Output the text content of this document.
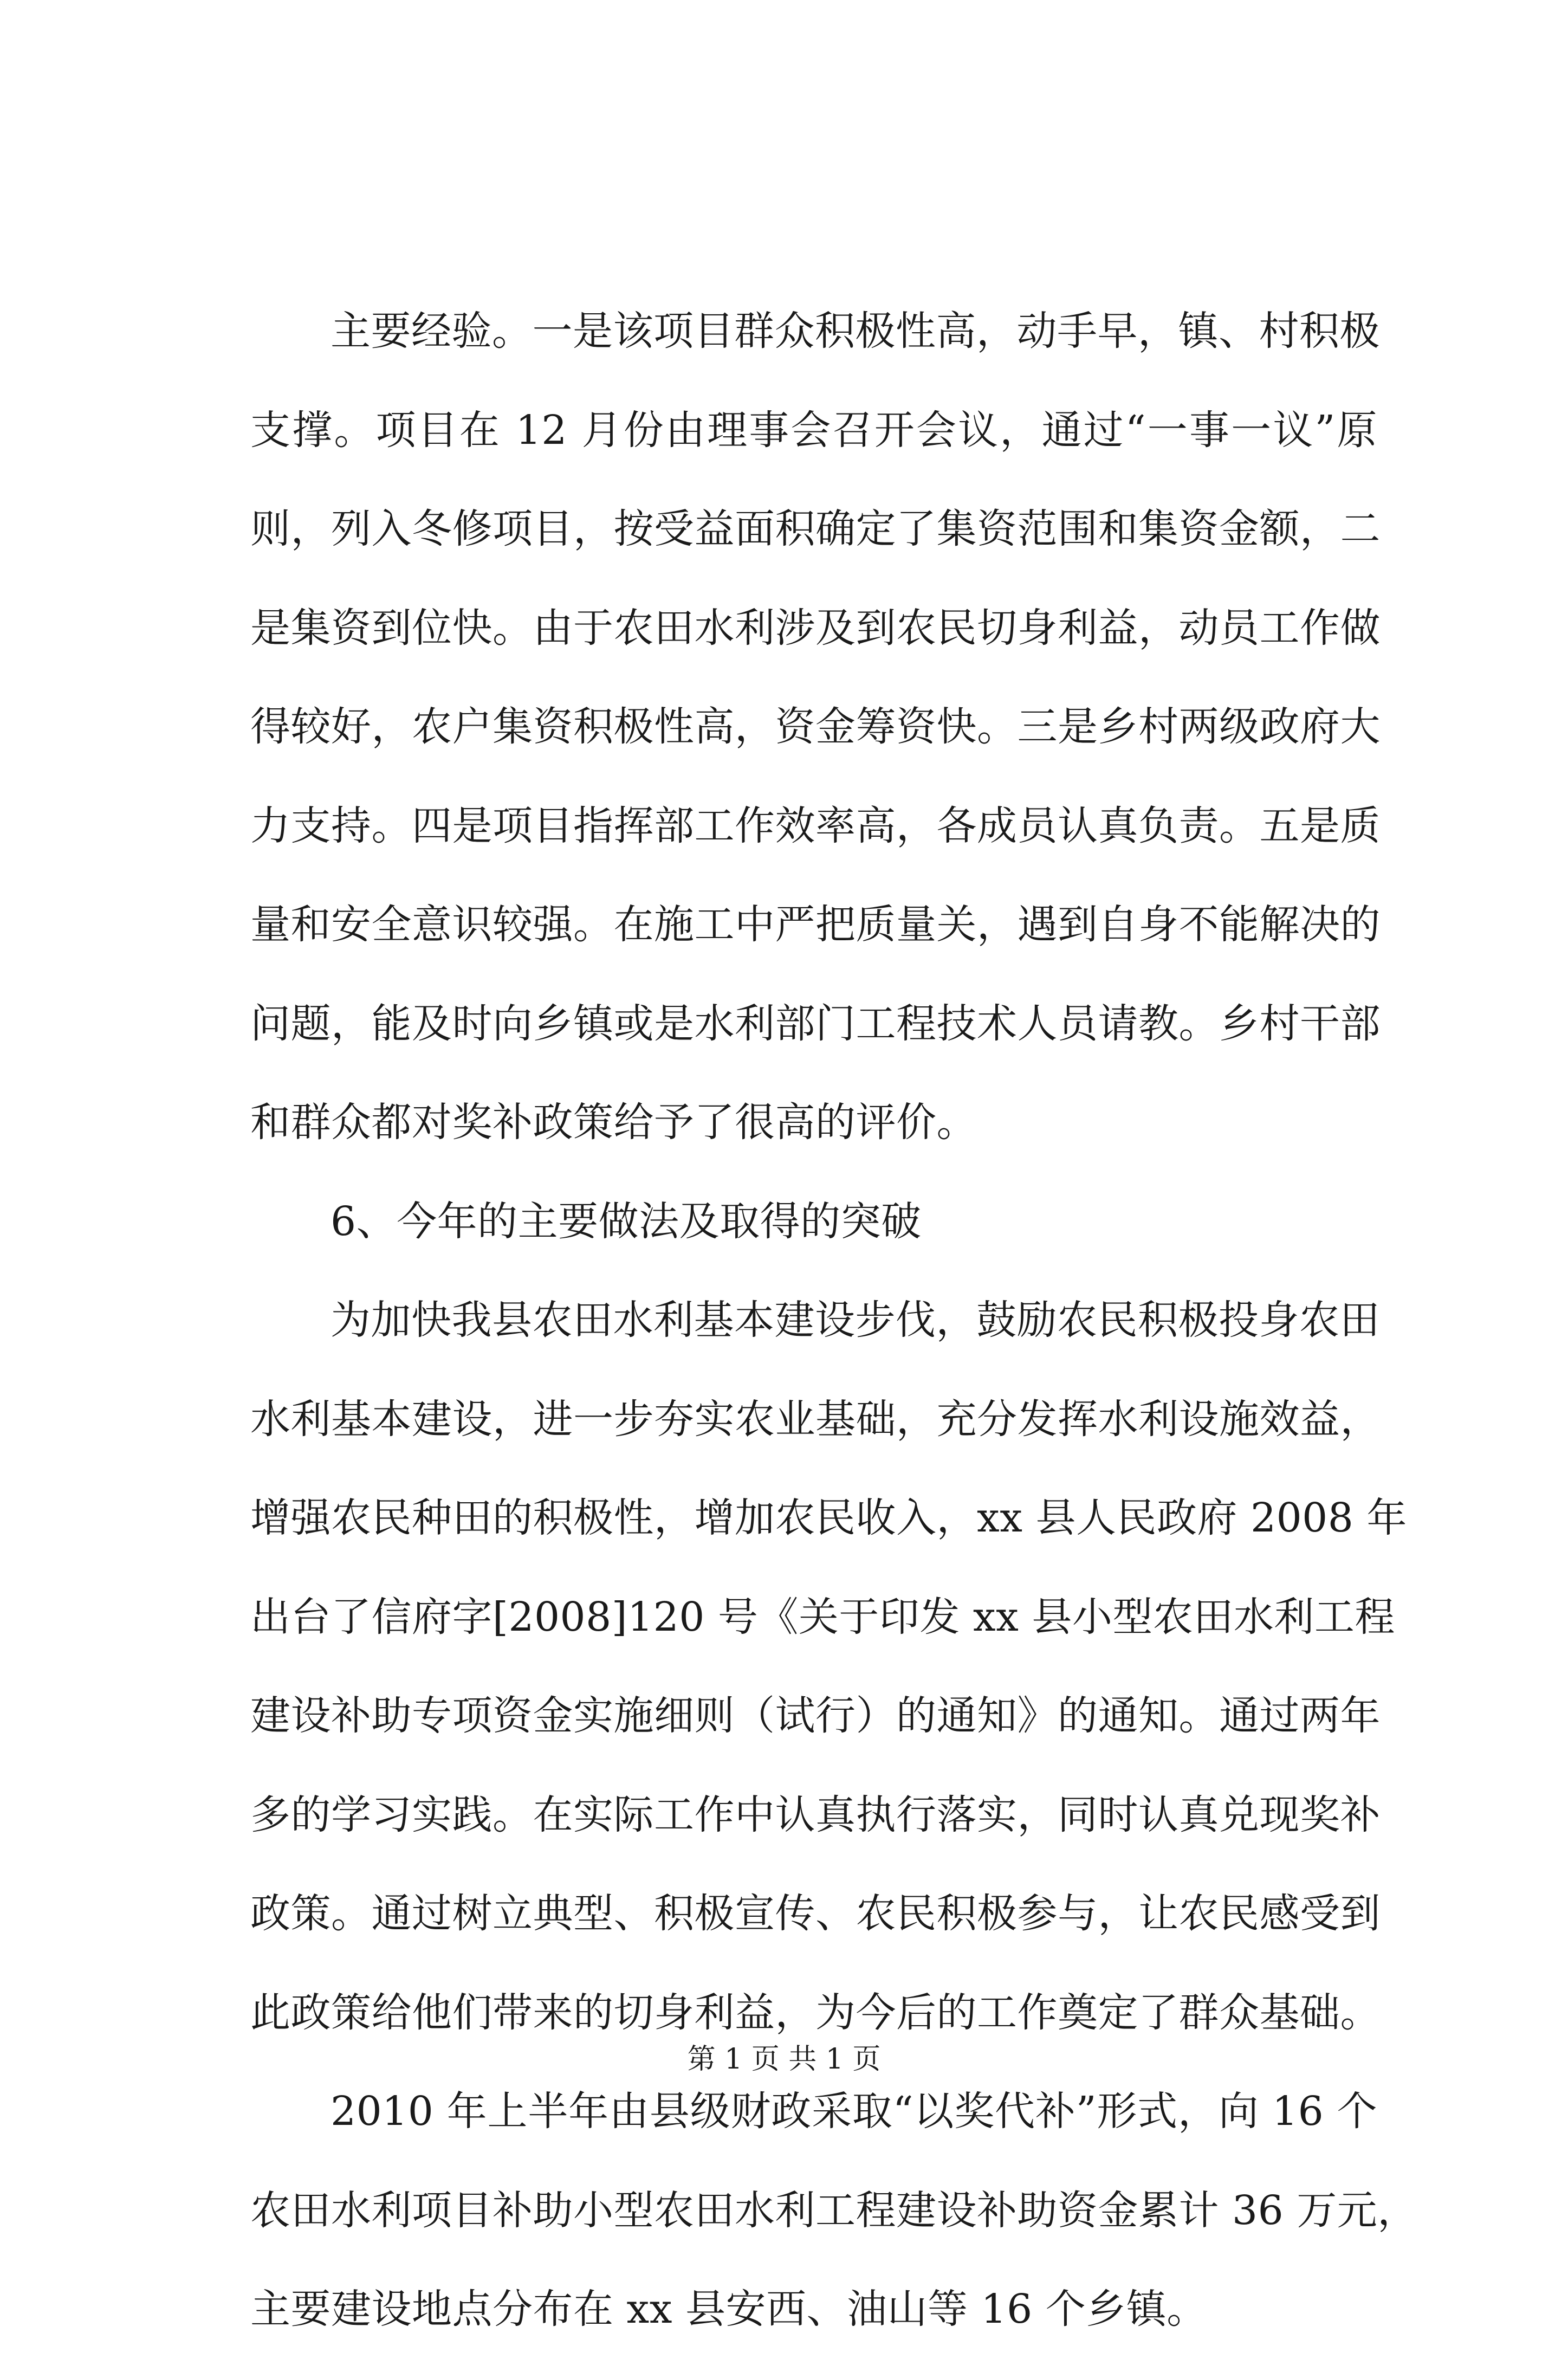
主要经验。一是该项目群众积极性高，动手早，镇、村积极
支撑。项目在 12 月份由理事会召开会议，通过“一事一议”原
则，列入冬修项目，按受益面积确定了集资范围和集资金额，二
是集资到位快。由于农田水利涉及到农民切身利益，动员工作做
得较好，农户集资积极性高，资金筹资快。三是乡村两级政府大
力支持。四是项目指挥部工作效率高，各成员认真负责。五是质
量和安全意识较强。在施工中严把质量关，遇到自身不能解决的
问题，能及时向乡镇或是水利部门工程技术人员请教。乡村干部
和群众都对奖补政策给予了很高的评价。
6、今年的主要做法及取得的突破
为加快我县农田水利基本建设步伐，鼓励农民积极投身农田
水利基本建设，进一步夯实农业基础，充分发挥水利设施效益，
增强农民种田的积极性，增加农民收入，xx 县人民政府 2008 年
出台了信府字[2008]120 号《关于印发 xx 县小型农田水利工程
建设补助专项资金实施细则（试行）的通知》的通知。通过两年
多的学习实践。在实际工作中认真执行落实，同时认真兑现奖补
政策。通过树立典型、积极宣传、农民积极参与，让农民感受到
此政策给他们带来的切身利益，为今后的工作奠定了群众基础。
2010 年上半年由县级财政采取“以奖代补”形式，向 16 个
农田水利项目补助小型农田水利工程建设补助资金累计 36 万元，
主要建设地点分布在 xx 县安西、油山等 16 个乡镇。
第 1 页 共 1 页
